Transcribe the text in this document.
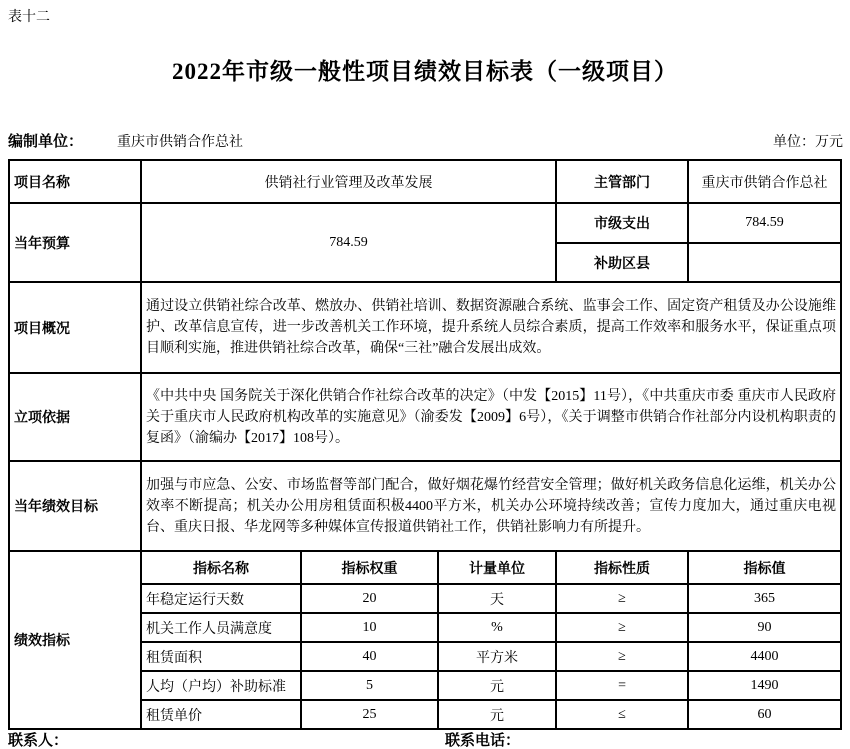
表十二
2022年市级一般性项目绩效目标表（一级项目）
编制单位： 重庆市供销合作总社	单位：万元
项目名称	供销社行业管理及改革发展			主管部门	重庆市供销合作总社
当年预算	784.59			市级支出	784.59
				补助区县	
项目概况	通过设立供销社综合改革、燃放办、供销社培训、数据资源融合系统、监事会工作、固定资产租赁及办公设施维护、改革信息宣传，进一步改善机关工作环境，提升系统人员综合素质，提高工作效率和服务水平，保证重点项目顺利实施，推进供销社综合改革，确保“三社”融合发展出成效。				
立项依据	《中共中央 国务院关于深化供销合作社综合改革的决定》（中发【2015】11号），《中共重庆市委 重庆市人民政府关于重庆市人民政府机构改革的实施意见》（渝委发【2009】6号），《关于调整市供销合作社部分内设机构职责的复函》（渝编办【2017】108号）。				
当年绩效目标	加强与市应急、公安、市场监督等部门配合，做好烟花爆竹经营安全管理；做好机关政务信息化运维，机关办公效率不断提高；机关办公用房租赁面积极4400平方米，机关办公环境持续改善；宣传力度加大，通过重庆电视台、重庆日报、华龙网等多种媒体宣传报道供销社工作，供销社影响力有所提升。				
绩效指标	指标名称	指标权重	计量单位	指标性质	指标值
	年稳定运行天数	20	天	≥	365
	机关工作人员满意度	10	%	≥	90
	租赁面积	40	平方米	≥	4400
	人均（户均）补助标准	5	元	=	1490
	租赁单价	25	元	≤	60
联系人：	联系电话：
